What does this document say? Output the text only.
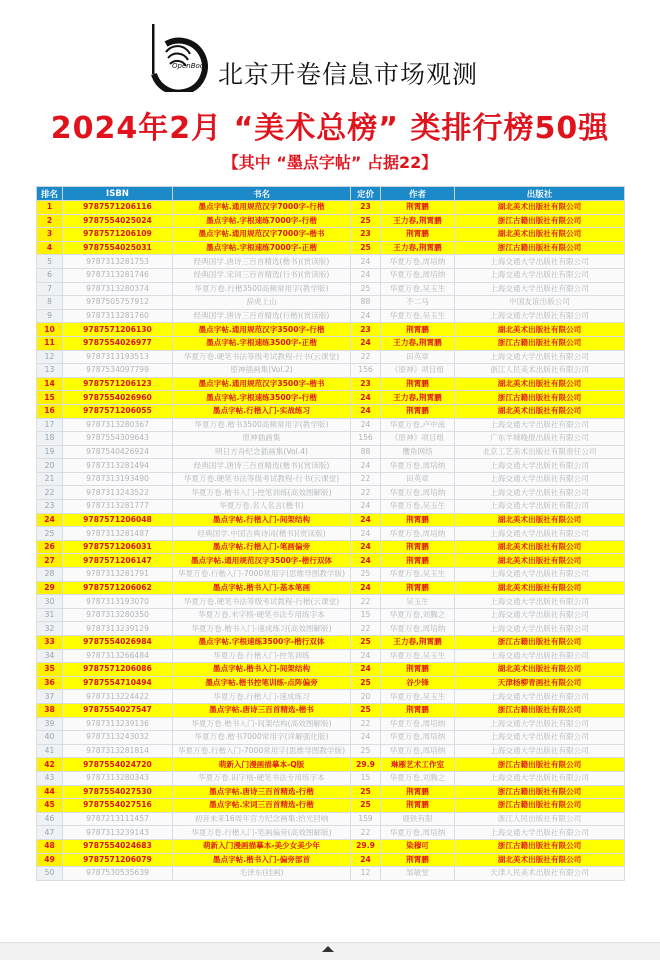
OpenBook 北京开卷信息市场观测
2024年2月 “美术总榜” 类排行榜50强
【其中 “墨点字帖” 占据22】
排名	ISBN	书名	定价	作者	出版社
1	9787571206116	墨点字帖.通用规范汉字7000字-行楷	23	荆霄鹏	湖北美术出版社有限公司
2	9787554025024	墨点字帖.字根速练7000字-行楷	25	王力春,荆霄鹏	浙江古籍出版社有限公司
3	9787571206109	墨点字帖.通用规范汉字7000字-楷书	23	荆霄鹏	湖北美术出版社有限公司
4	9787554025031	墨点字帖.字根速练7000字-正楷	25	王力春,荆霄鹏	浙江古籍出版社有限公司
5	9787313281753	经典国学.唐诗三百首精选(楷书)(赏读版)	24	华夏万卷,周培纳	上海交通大学出版社有限公司
6	9787313281746	经典国学.宋词三百首精选(行书)(赏读版)	24	华夏万卷,周培纳	上海交通大学出版社有限公司
7	9787313280374	华夏万卷.行楷3500高频常用字(教学版)	25	华夏万卷,吴玉生	上海交通大学出版社有限公司
8	9787505757912	辞虎上山	88	不二马	中国友谊出版公司
9	9787313281760	经典国学.唐诗三百首精选(行楷)(赏读版)	24	华夏万卷,吴玉生	上海交通大学出版社有限公司
10	9787571206130	墨点字帖.通用规范汉字3500字-行楷	23	荆霄鹏	湖北美术出版社有限公司
11	9787554026977	墨点字帖.字根速练3500字-正楷	24	王力春,荆霄鹏	浙江古籍出版社有限公司
12	9787313193513	华夏万卷.硬笔书法等级考试教程-行书(云课堂)	22	田英章	上海交通大学出版社有限公司
13	9787534097799	原神插画集(Vol.2)	156	《原神》项目组	浙江人民美术出版社有限公司
14	9787571206123	墨点字帖.通用规范汉字3500字-楷书	23	荆霄鹏	湖北美术出版社有限公司
15	9787554026960	墨点字帖.字根速练3500字-行楷	24	王力春,荆霄鹏	浙江古籍出版社有限公司
16	9787571206055	墨点字帖.行楷入门-实战练习	24	荆霄鹏	湖北美术出版社有限公司
17	9787313280367	华夏万卷.楷书3500高频常用字(教学版)	24	华夏万卷,卢中南	上海交通大学出版社有限公司
18	9787554309643	原神插画集	156	《原神》项目组	广东羊城晚报出版社有限公司
19	9787540426924	明日方舟纪念插画集(Vol.4)	88	鹰角网络	北京工艺美术出版社有限责任公司
20	9787313281494	经典国学.唐诗三百首精选(楷书)(赏读版)	24	华夏万卷,周培纳	上海交通大学出版社有限公司
21	9787313193490	华夏万卷.硬笔书法等级考试教程-行书(云课堂)	22	田英章	上海交通大学出版社有限公司
22	9787313243522	华夏万卷.楷书入门-控笔训练(高效图解版)	22	华夏万卷,周培纳	上海交通大学出版社有限公司
23	9787313281777	华夏万卷.名人名言(楷书)	24	华夏万卷,吴玉生	上海交通大学出版社有限公司
24	9787571206048	墨点字帖.行楷入门-间架结构	24	荆霄鹏	湖北美术出版社有限公司
25	9787313281487	经典国学.中国古典诗词(楷书)(赏读版)	24	华夏万卷,周培纳	上海交通大学出版社有限公司
26	9787571206031	墨点字帖.行楷入门-笔画偏旁	24	荆霄鹏	湖北美术出版社有限公司
27	9787571206147	墨点字帖.通用规范汉字3500字-楷行双体	24	荆霄鹏	湖北美术出版社有限公司
28	9787313281791	华夏万卷.行楷入门-7000常用字(思维导图教学版)	25	华夏万卷,吴玉生	上海交通大学出版社有限公司
29	9787571206062	墨点字帖.楷书入门-基本笔画	24	荆霄鹏	湖北美术出版社有限公司
30	9787313193070	华夏万卷.硬笔书法等级考试教程-行楷(云课堂)	22	吴玉生	上海交通大学出版社有限公司
31	9787313280350	华夏万卷.米字格-硬笔书法专用练字本	15	华夏万卷,刘腾之	上海交通大学出版社有限公司
32	9787313239129	华夏万卷.楷书入门-速成练习(高效图解版)	22	华夏万卷,周培纳	上海交通大学出版社有限公司
33	9787554026984	墨点字帖.字根速练3500字-楷行双体	25	王力春,荆霄鹏	浙江古籍出版社有限公司
34	9787313266484	华夏万卷.行楷入门-控笔训练	24	华夏万卷,吴玉生	上海交通大学出版社有限公司
35	9787571206086	墨点字帖.楷书入门-间架结构	24	荆霄鹏	湖北美术出版社有限公司
36	9787554710494	墨点字帖.楷书控笔训练-点阵偏旁	25	谷少锋	天津杨柳青画社有限公司
37	9787313224422	华夏万卷.行楷入门-速成练习	20	华夏万卷,吴玉生	上海交通大学出版社有限公司
38	9787554027547	墨点字帖.唐诗三百首精选-楷书	25	荆霄鹏	浙江古籍出版社有限公司
39	9787313239136	华夏万卷.楷书入门-间架结构(高效图解版)	22	华夏万卷,周培纳	上海交通大学出版社有限公司
40	9787313243032	华夏万卷.楷书7000常用字(详解强化版)	24	华夏万卷,周培纳	上海交通大学出版社有限公司
41	9787313281814	华夏万卷.行楷入门-7000常用字(思维导图教学版)	25	华夏万卷,周培纳	上海交通大学出版社有限公司
42	9787554024720	萌新入门漫画描摹本-Q版	29.9	琳雁艺术工作室	浙江古籍出版社有限公司
43	9787313280343	华夏万卷.田字格-硬笔书法专用练字本	15	华夏万卷,刘腾之	上海交通大学出版社有限公司
44	9787554027530	墨点字帖.唐诗三百首精选-行楷	25	荆霄鹏	浙江古籍出版社有限公司
45	9787554027516	墨点字帖.宋词三百首精选-行楷	25	荆霄鹏	浙江古籍出版社有限公司
46	9787213111457	初音未来16周年官方纪念画集:拾光回响	159	鹿铁有限	浙江人民出版社有限公司
47	9787313239143	华夏万卷.行楷入门-笔画偏旁(高效图解版)	22	华夏万卷,周培纳	上海交通大学出版社有限公司
48	9787554024683	萌新入门漫画描摹本-美少女美少年	29.9	染穆可	浙江古籍出版社有限公司
49	9787571206079	墨点字帖.楷书入门-偏旁部首	24	荆霄鹏	湖北美术出版社有限公司
50	9787530535639	毛泽东(挂画)	12	邹敏堂	天津人民美术出版社有限公司
